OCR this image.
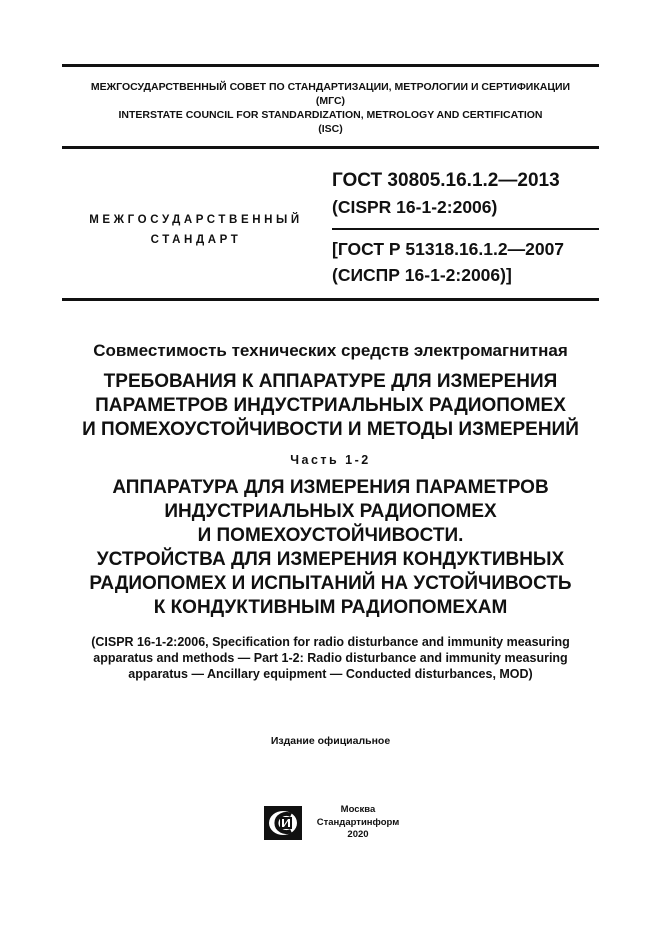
МЕЖГОСУДАРСТВЕННЫЙ СОВЕТ ПО СТАНДАРТИЗАЦИИ, МЕТРОЛОГИИ И СЕРТИФИКАЦИИ
(МГС)
INTERSTATE COUNCIL FOR STANDARDIZATION, METROLOGY AND CERTIFICATION
(ISC)
МЕЖГОСУДАРСТВЕННЫЙ
СТАНДАРТ
ГОСТ 30805.16.1.2—2013
(CISPR 16-1-2:2006)
[ГОСТ Р 51318.16.1.2—2007
(СИСПР 16-1-2:2006)]
Совместимость технических средств электромагнитная
ТРЕБОВАНИЯ К АППАРАТУРЕ ДЛЯ ИЗМЕРЕНИЯ
ПАРАМЕТРОВ ИНДУСТРИАЛЬНЫХ РАДИОПОМЕХ
И ПОМЕХОУСТОЙЧИВОСТИ И МЕТОДЫ ИЗМЕРЕНИЙ
Часть 1-2
АППАРАТУРА ДЛЯ ИЗМЕРЕНИЯ ПАРАМЕТРОВ
ИНДУСТРИАЛЬНЫХ РАДИОПОМЕХ
И ПОМЕХОУСТОЙЧИВОСТИ.
УСТРОЙСТВА ДЛЯ ИЗМЕРЕНИЯ КОНДУКТИВНЫХ
РАДИОПОМЕХ И ИСПЫТАНИЙ НА УСТОЙЧИВОСТЬ
К КОНДУКТИВНЫМ РАДИОПОМЕХАМ
(CISPR 16-1-2:2006, Specification for radio disturbance and immunity measuring
apparatus and methods — Part 1-2: Radio disturbance and immunity measuring
apparatus — Ancillary equipment — Conducted disturbances, MOD)
Издание официальное
Москва
Стандартинформ
2020
